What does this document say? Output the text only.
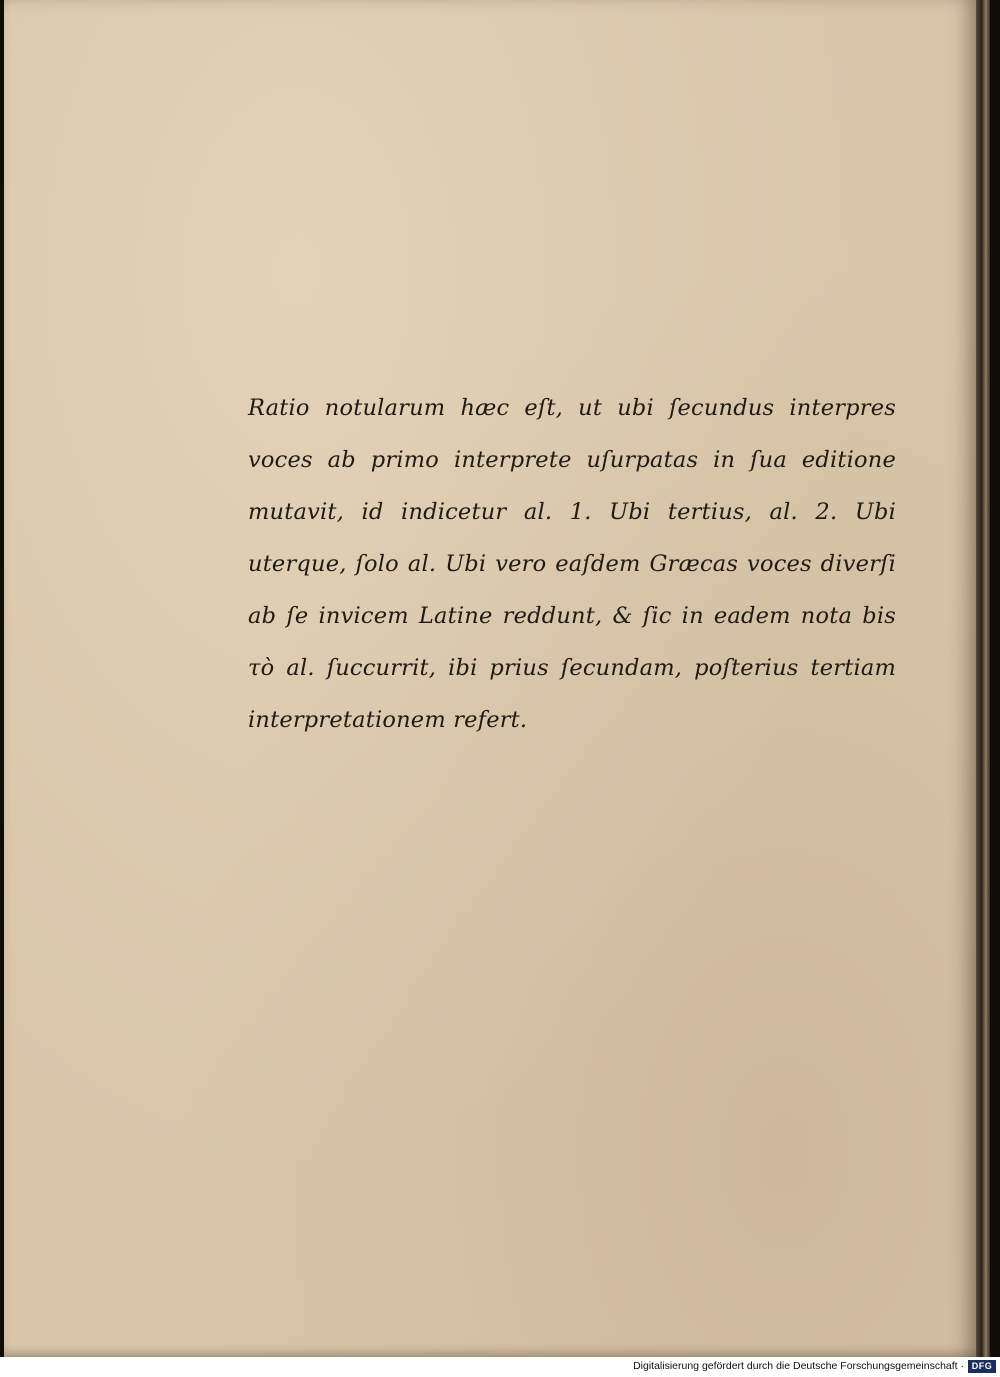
Ratio notularum hæc eſt, ut ubi ſecundus interpres voces ab primo interprete uſurpatas in ſua editione mutavit, id indicetur al. 1. Ubi tertius, al. 2. Ubi uterque, ſolo al. Ubi vero eaſdem Græcas voces diverſi ab ſe invicem Latine reddunt, & ſic in eadem nota bis τὸ al. ſuccurrit, ibi prius ſecundam, poſterius tertiam interpretationem refert.

Digitalisierung gefördert durch die Deutsche Forschungsgemeinschaft · DFG
